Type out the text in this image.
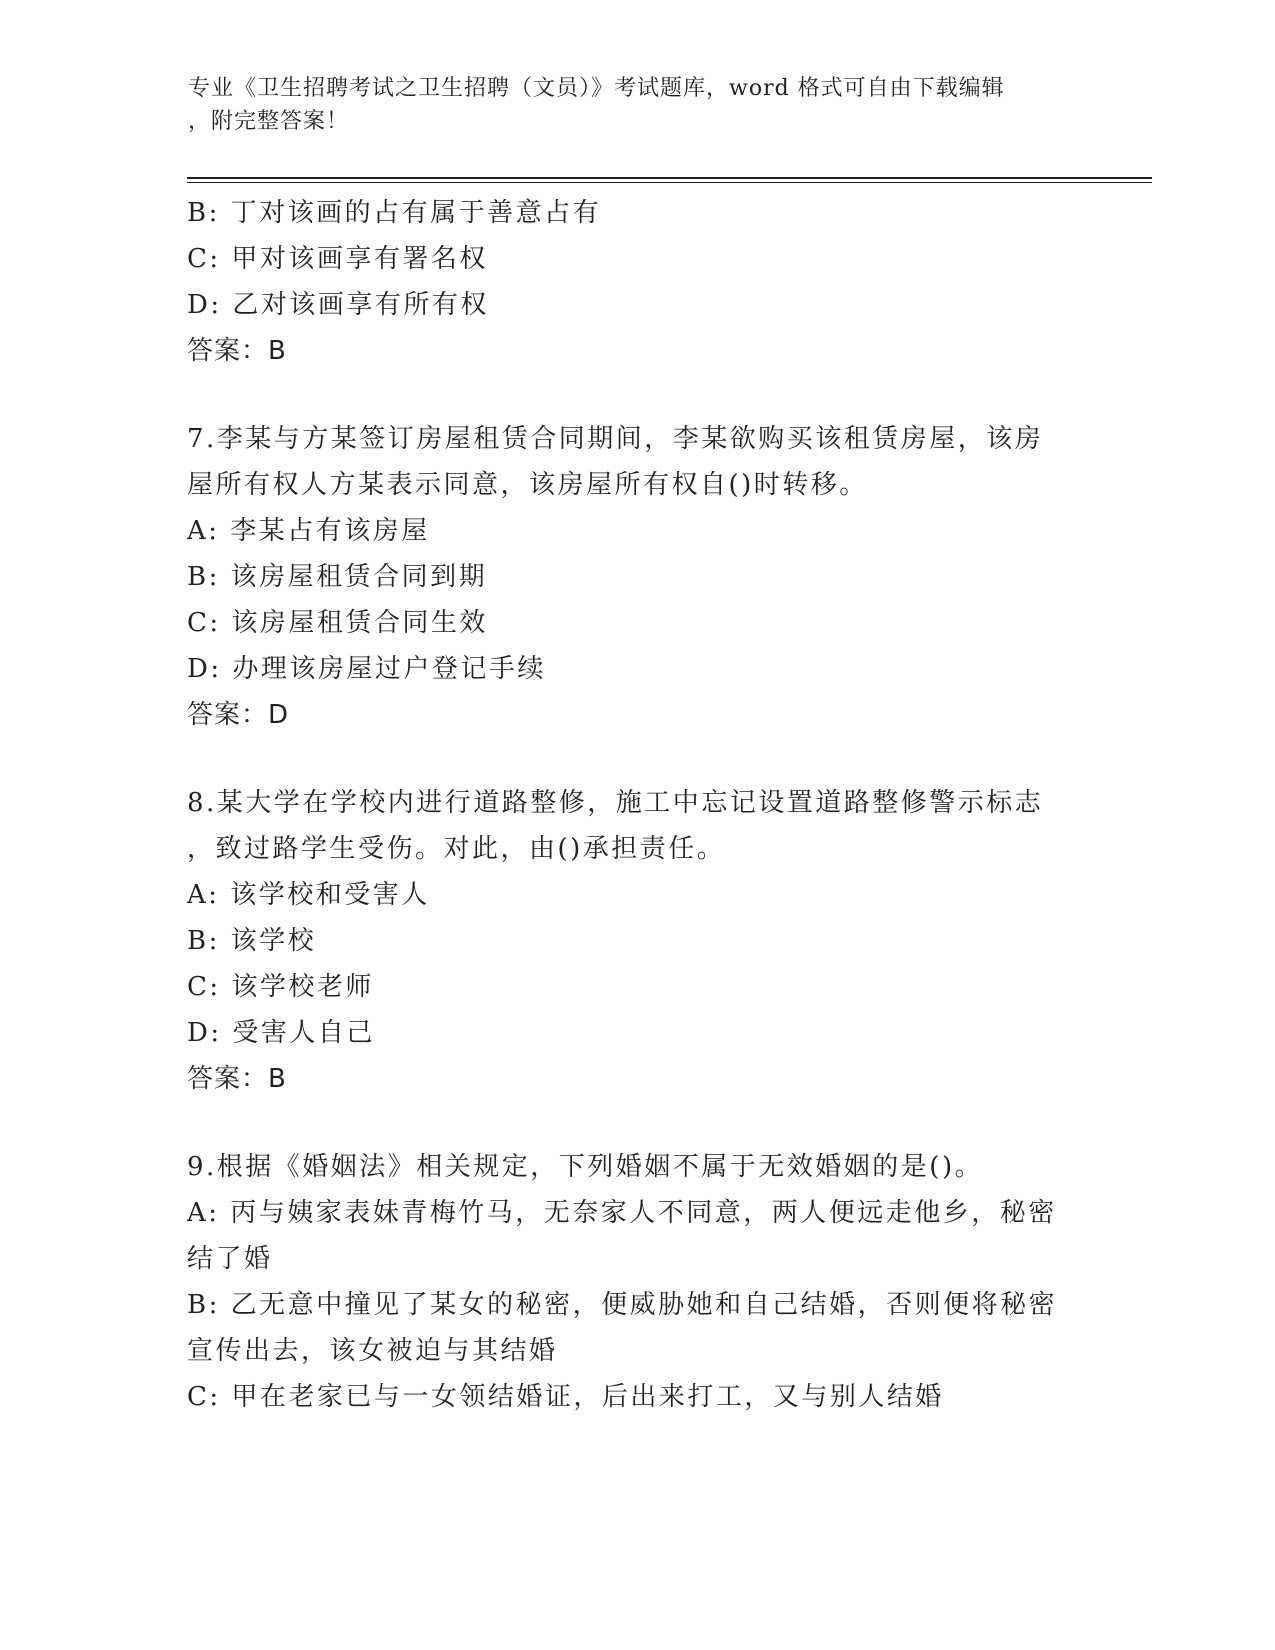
专业《卫生招聘考试之卫生招聘（文员）》考试题库，word 格式可自由下载编辑
，附完整答案！
B: 丁对该画的占有属于善意占有
C: 甲对该画享有署名权
D: 乙对该画享有所有权
答案：B
7.李某与方某签订房屋租赁合同期间，李某欲购买该租赁房屋，该房
屋所有权人方某表示同意，该房屋所有权自()时转移。
A: 李某占有该房屋
B: 该房屋租赁合同到期
C: 该房屋租赁合同生效
D: 办理该房屋过户登记手续
答案：D
8.某大学在学校内进行道路整修，施工中忘记设置道路整修警示标志
，致过路学生受伤。对此，由()承担责任。
A: 该学校和受害人
B: 该学校
C: 该学校老师
D: 受害人自己
答案：B
9.根据《婚姻法》相关规定，下列婚姻不属于无效婚姻的是()。
A: 丙与姨家表妹青梅竹马，无奈家人不同意，两人便远走他乡，秘密
结了婚
B: 乙无意中撞见了某女的秘密，便威胁她和自己结婚，否则便将秘密
宣传出去，该女被迫与其结婚
C: 甲在老家已与一女领结婚证，后出来打工，又与别人结婚
